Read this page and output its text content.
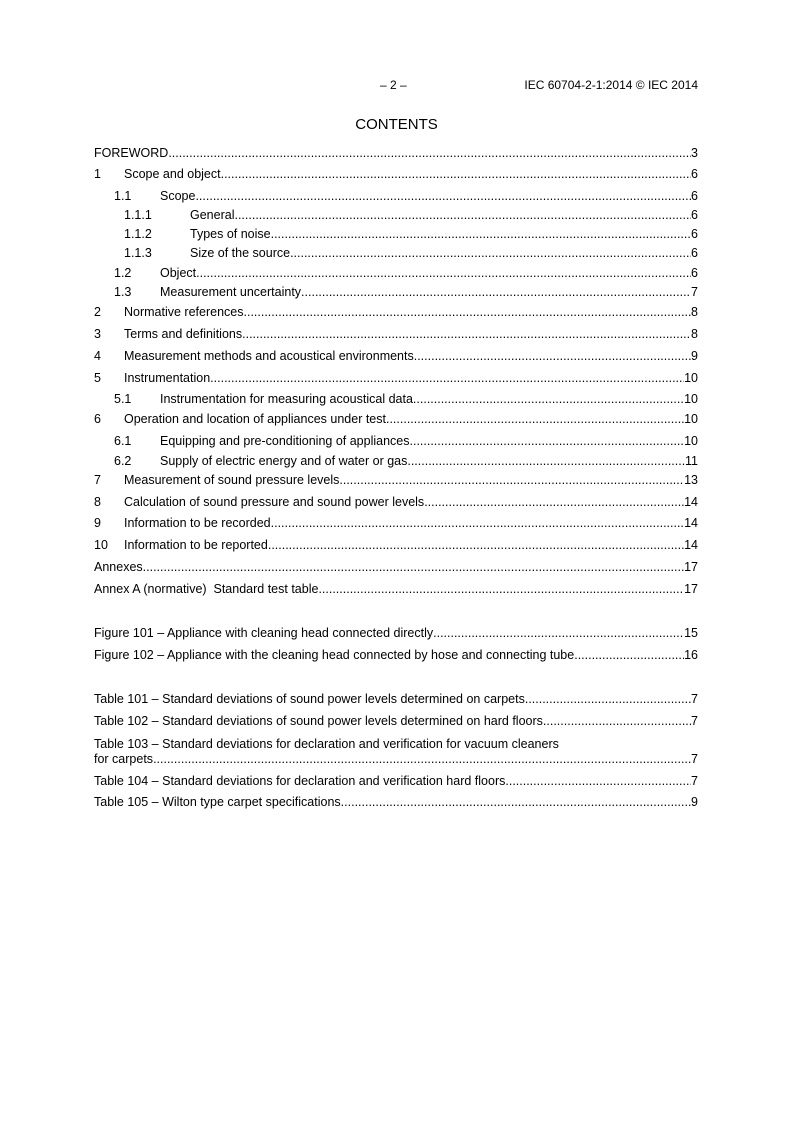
– 2 –	IEC 60704-2-1:2014 © IEC 2014
CONTENTS
FOREWORD .....	3
1 Scope and object .....	6
1.1 Scope .....	6
1.1.1	General .....	6
1.1.2	Types of noise .....	6
1.1.3	Size of the source .....	6
1.2 Object .....	6
1.3 Measurement uncertainty .....	7
2 Normative references .....	8
3 Terms and definitions .....	8
4 Measurement methods and acoustical environments .....	9
5 Instrumentation .....	10
5.1 Instrumentation for measuring acoustical data .....	10
6 Operation and location of appliances under test .....	10
6.1 Equipping and pre-conditioning of appliances .....	10
6.2 Supply of electric energy and of water or gas .....	11
7 Measurement of sound pressure levels .....	13
8 Calculation of sound pressure and sound power levels .....	14
9 Information to be recorded .....	14
10 Information to be reported .....	14
Annexes .....	17
Annex A (normative)  Standard test table .....	17
Figure 101 – Appliance with cleaning head connected directly .....	15
Figure 102 – Appliance with the cleaning head connected by hose and connecting tube .....	16
Table 101 – Standard deviations of sound power levels determined on carpets .....	7
Table 102 – Standard deviations of sound power levels determined on hard floors .....	7
Table 103 – Standard deviations for declaration and verification for vacuum cleaners
for carpets .....	7
Table 104 – Standard deviations for declaration and verification hard floors .....	7
Table 105 – Wilton type carpet specifications .....	9
